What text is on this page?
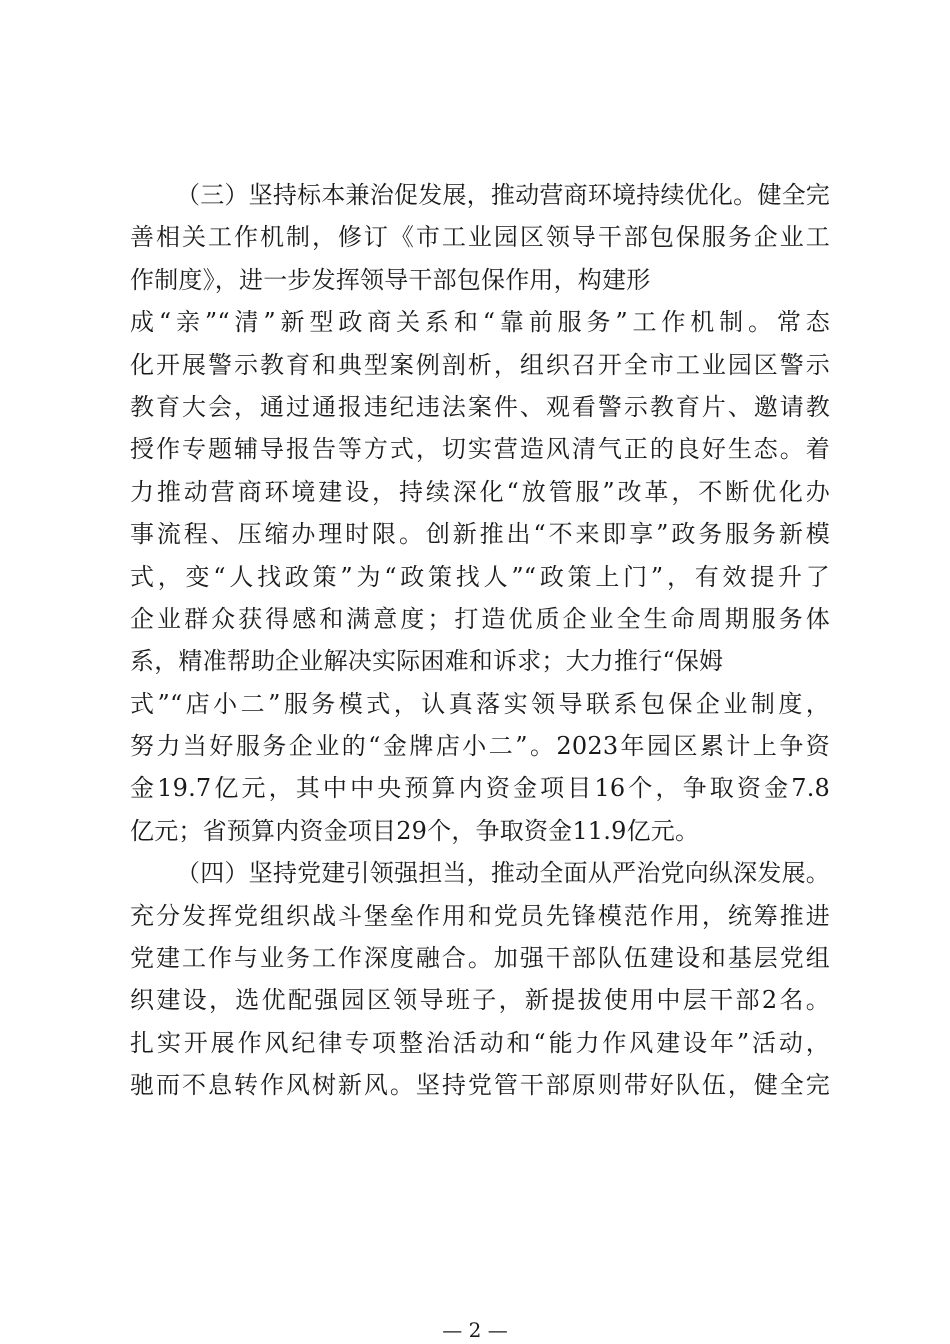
（三）坚持标本兼治促发展，推动营商环境持续优化。健全完
善相关工作机制，修订《市工业园区领导干部包保服务企业工
作制度》，进一步发挥领导干部包保作用，构建形
成“亲”“清”新型政商关系和“靠前服务”工作机制。常态
化开展警示教育和典型案例剖析，组织召开全市工业园区警示
教育大会，通过通报违纪违法案件、观看警示教育片、邀请教
授作专题辅导报告等方式，切实营造风清气正的良好生态。着
力推动营商环境建设，持续深化“放管服”改革，不断优化办
事流程、压缩办理时限。创新推出“不来即享”政务服务新模
式，变“人找政策”为“政策找人”“政策上门”，有效提升了
企业群众获得感和满意度；打造优质企业全生命周期服务体
系，精准帮助企业解决实际困难和诉求；大力推行“保姆
式”“店小二”服务模式，认真落实领导联系包保企业制度，
努力当好服务企业的“金牌店小二”。2023年园区累计上争资
金19.7亿元，其中中央预算内资金项目16个，争取资金7.8
亿元；省预算内资金项目29个，争取资金11.9亿元。
（四）坚持党建引领强担当，推动全面从严治党向纵深发展。
充分发挥党组织战斗堡垒作用和党员先锋模范作用，统筹推进
党建工作与业务工作深度融合。加强干部队伍建设和基层党组
织建设，选优配强园区领导班子，新提拔使用中层干部2名。
扎实开展作风纪律专项整治活动和“能力作风建设年”活动，
驰而不息转作风树新风。坚持党管干部原则带好队伍，健全完
— 2 —
